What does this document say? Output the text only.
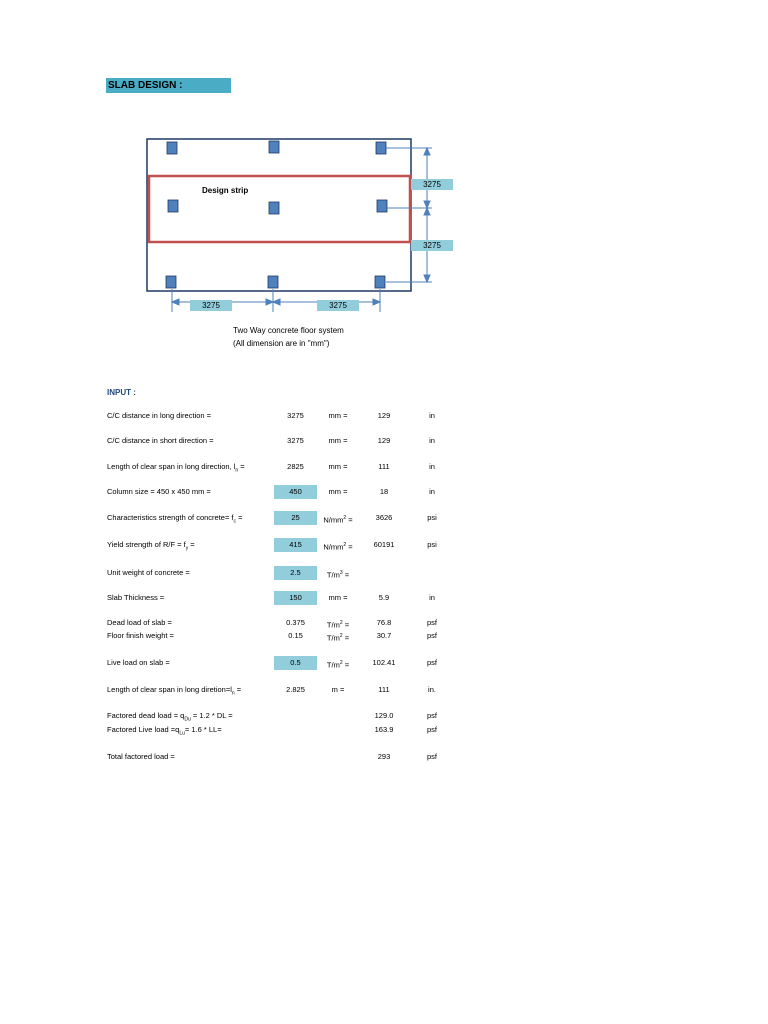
SLAB DESIGN :
Design strip
3275
3275
3275	3275
Two Way concrete floor system
(All dimension are in "mm")
INPUT :
C/C distance in long direction =	3275	mm =	129	in
C/C distance in short direction =	3275	mm =	129	in
Length of clear span in long direction, $l_n$ =	2825	mm =	111	in
Column size = 450 x 450 mm =	450	mm =	18	in
Characteristics strength of concrete= $f_c$ =	25	$N/mm^2$ =	3626	psi
Yield strength of $R/F = f_y$ =	415	$N/mm^2$ =	60191	psi
Unit weight of concrete =	2.5	$T/m^3$ =
Slab Thickness =	150	mm =	5.9	in
Dead load of slab =	0.375	$T/m^2$ =	76.8	psf
Floor finish weight =	0.15	$T/m^2$ =	30.7	psf
Live load on slab =	0.5	$T/m^2$ =	102.41	psf
Length of clear span in long $diretion=l_n$ =	2.825	m =	111	in.
Factored dead load = $q_{Du} = 1.2$ * DL =	129.0	psf
Factored Live load $=q_{Lu}= 1.6 * LL=$	163.9	psf
Total factored load =	293	psf
